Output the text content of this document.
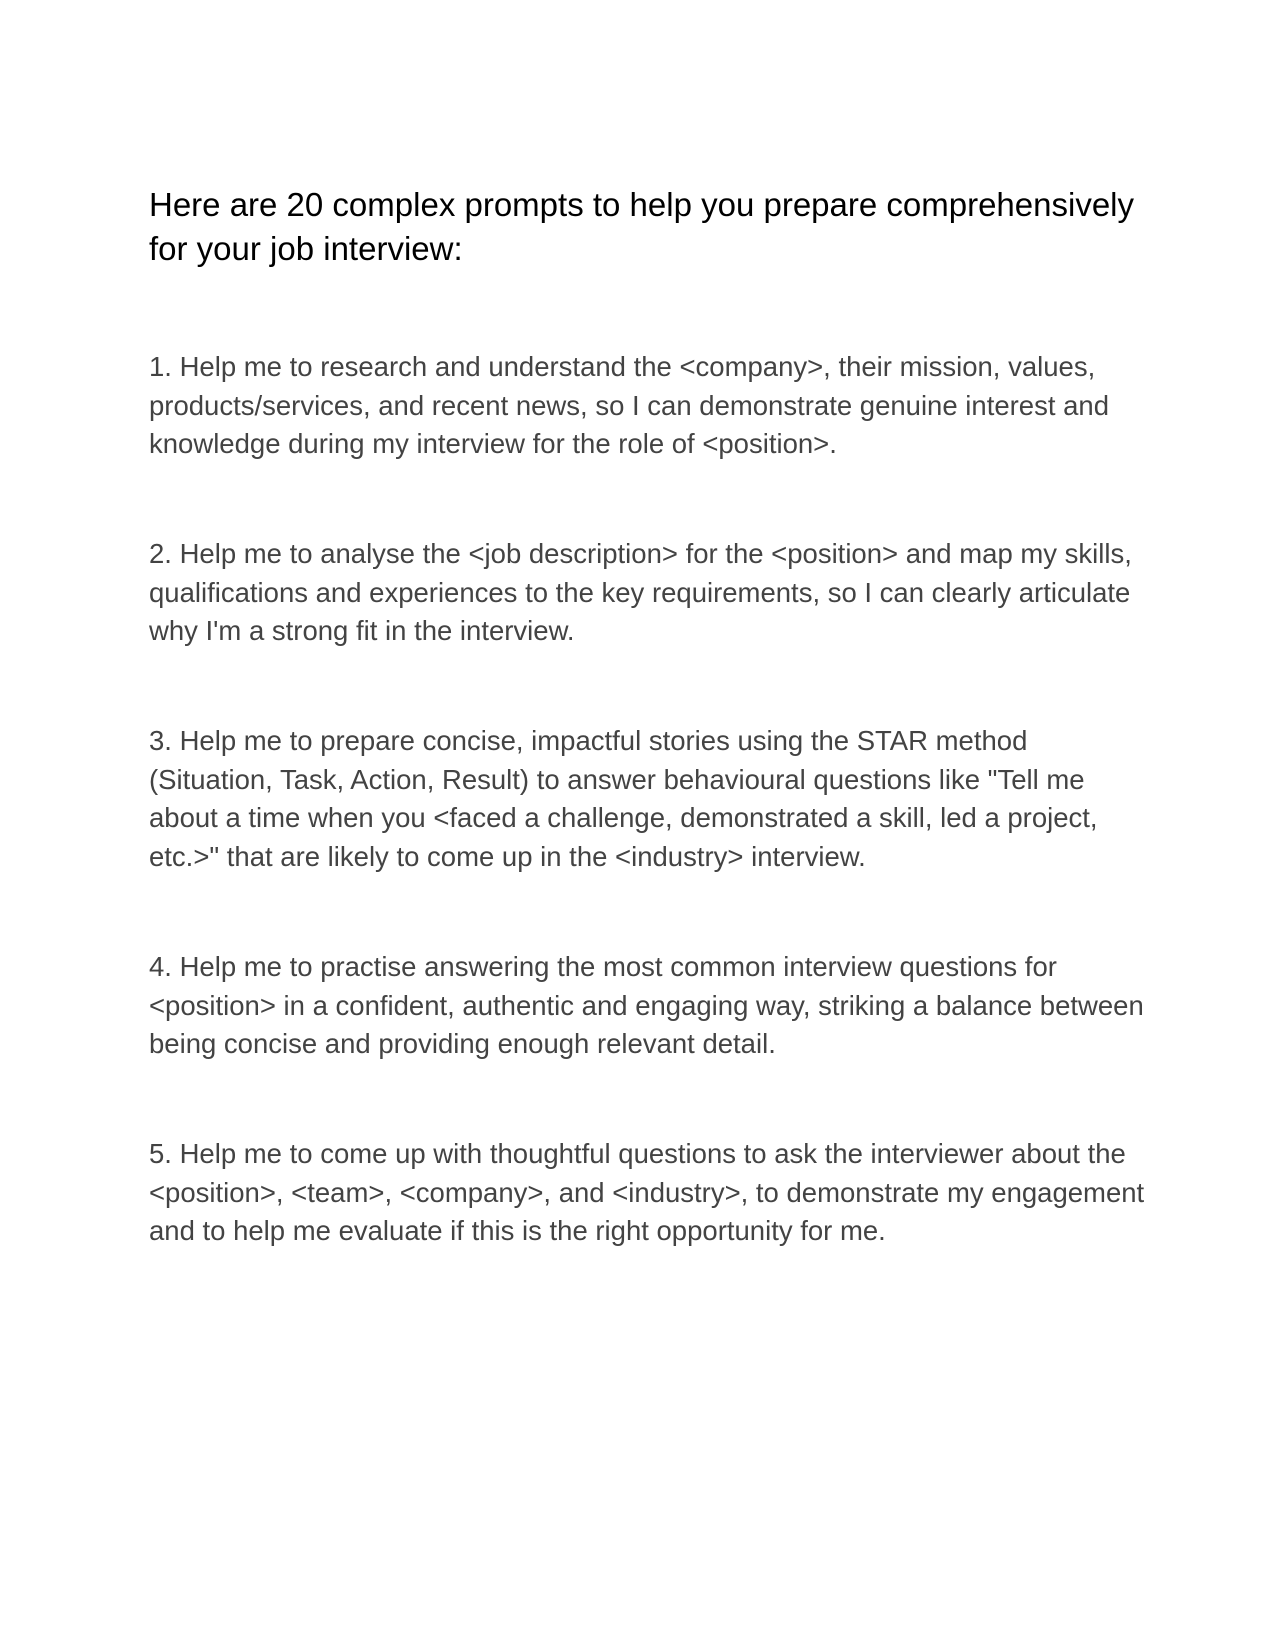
Here are 20 complex prompts to help you prepare comprehensively for your job interview:

1. Help me to research and understand the <company>, their mission, values, products/services, and recent news, so I can demonstrate genuine interest and knowledge during my interview for the role of <position>.

2. Help me to analyse the <job description> for the <position> and map my skills, qualifications and experiences to the key requirements, so I can clearly articulate why I'm a strong fit in the interview.

3. Help me to prepare concise, impactful stories using the STAR method (Situation, Task, Action, Result) to answer behavioural questions like "Tell me about a time when you <faced a challenge, demonstrated a skill, led a project, etc.>" that are likely to come up in the <industry> interview.

4. Help me to practise answering the most common interview questions for <position> in a confident, authentic and engaging way, striking a balance between being concise and providing enough relevant detail.

5. Help me to come up with thoughtful questions to ask the interviewer about the <position>, <team>, <company>, and <industry>, to demonstrate my engagement and to help me evaluate if this is the right opportunity for me.
